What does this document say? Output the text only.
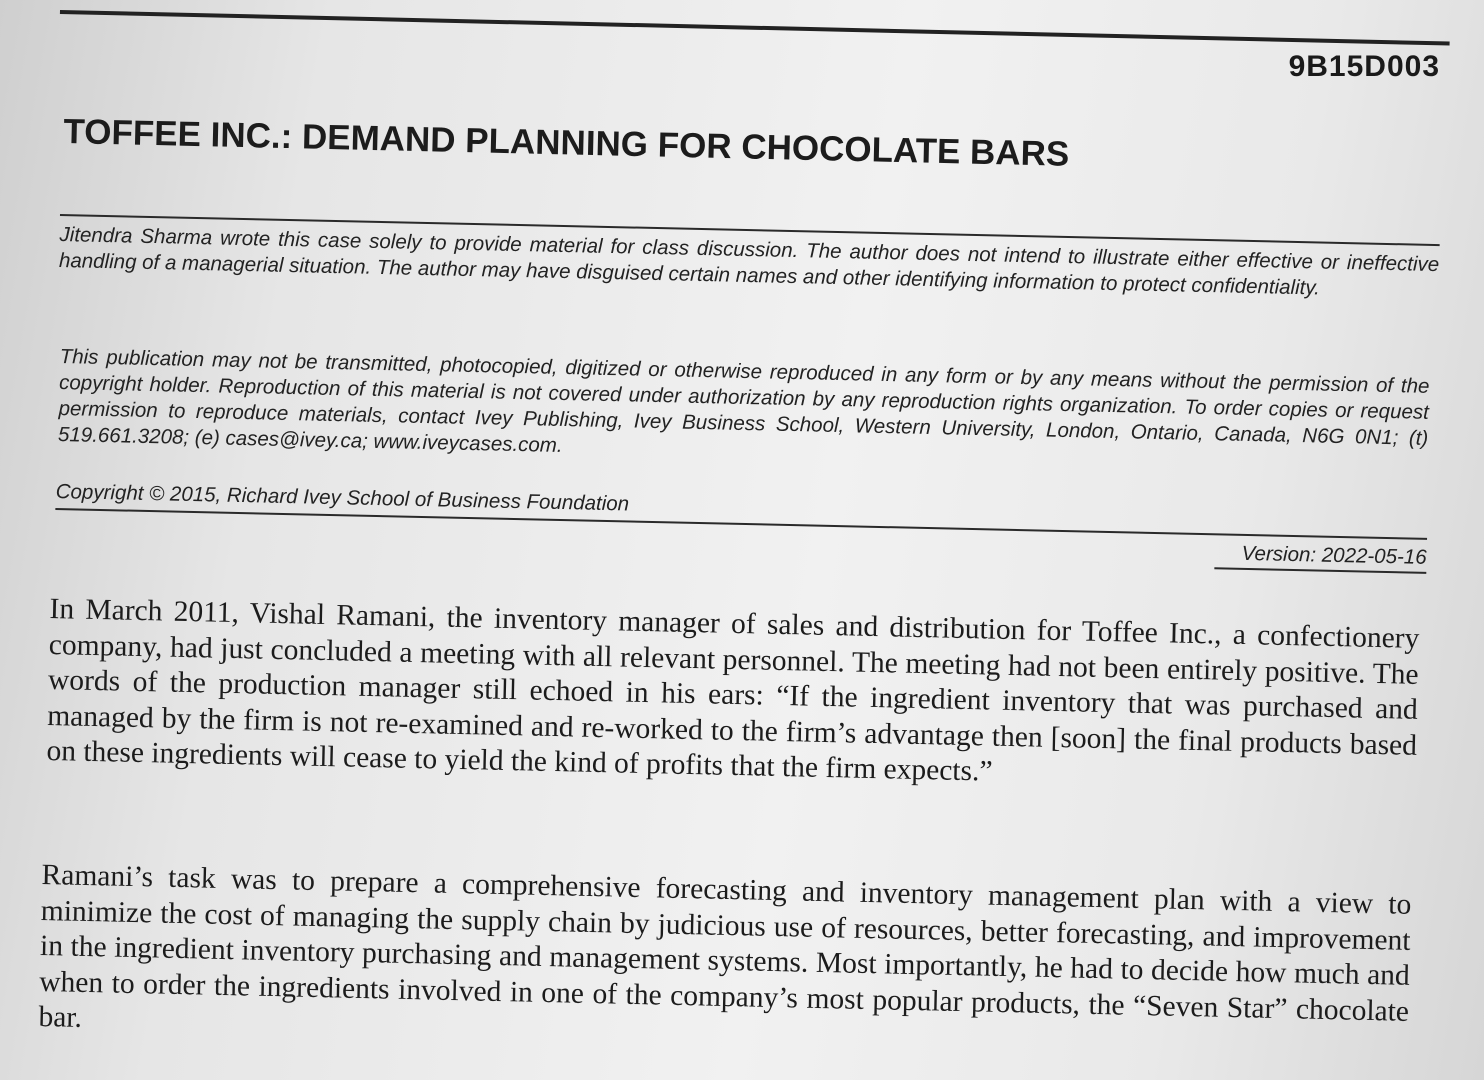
9B15D003
TOFFEE INC.: DEMAND PLANNING FOR CHOCOLATE BARS

Jitendra Sharma wrote this case solely to provide material for class discussion. The author does not intend to illustrate either effective or ineffective handling of a managerial situation. The author may have disguised certain names and other identifying information to protect confidentiality.

This publication may not be transmitted, photocopied, digitized or otherwise reproduced in any form or by any means without the permission of the copyright holder. Reproduction of this material is not covered under authorization by any reproduction rights organization. To order copies or request permission to reproduce materials, contact Ivey Publishing, Ivey Business School, Western University, London, Ontario, Canada, N6G 0N1; (t) 519.661.3208; (e) cases@ivey.ca; www.iveycases.com.

Copyright © 2015, Richard Ivey School of Business Foundation
Version: 2022-05-16

In March 2011, Vishal Ramani, the inventory manager of sales and distribution for Toffee Inc., a confectionery company, had just concluded a meeting with all relevant personnel. The meeting had not been entirely positive. The words of the production manager still echoed in his ears: “If the ingredient inventory that was purchased and managed by the firm is not re-examined and re-worked to the firm’s advantage then [soon] the final products based on these ingredients will cease to yield the kind of profits that the firm expects.”

Ramani’s task was to prepare a comprehensive forecasting and inventory management plan with a view to minimize the cost of managing the supply chain by judicious use of resources, better forecasting, and improvement in the ingredient inventory purchasing and management systems. Most importantly, he had to decide how much and when to order the ingredients involved in one of the company’s most popular products, the “Seven Star” chocolate bar.
